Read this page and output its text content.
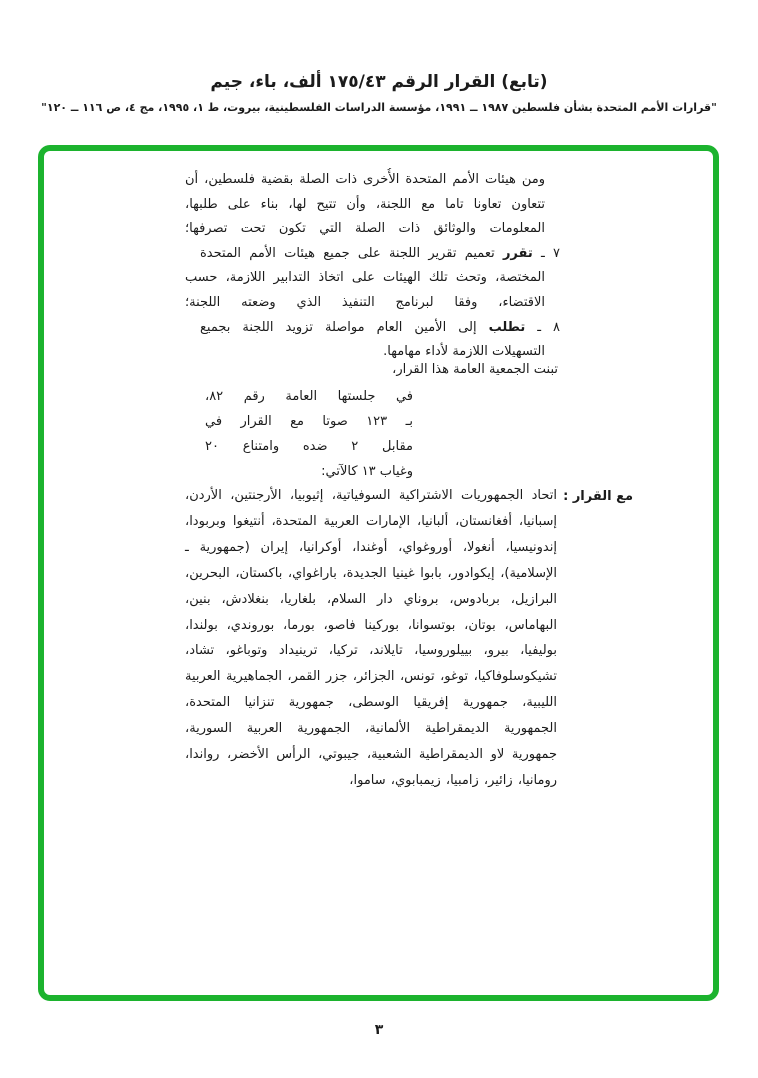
(تابع) القرار الرقم ١٧٥/٤٣ ألف، باء، جيم
"قرارات الأمم المتحدة بشأن فلسطين ١٩٨٧ ــ ١٩٩١، مؤسسة الدراسات الفلسطينية، بيروت، ط ١، ١٩٩٥، مج ٤، ص ١١٦ ــ ١٢٠"
ومن هيئات الأمم المتحدة الأُخرى ذات الصلة بقضية فلسطين، أن
تتعاون تعاونا تاما مع اللجنة، وأن تتيح لها، بناء على طلبها،
المعلومات والوثائق ذات الصلة التي تكون تحت تصرفها؛
٧ ـ تقرر تعميم تقرير اللجنة على جميع هيئات الأمم المتحدة
المختصة، وتحث تلك الهيئات على اتخاذ التدابير اللازمة، حسب
الاقتضاء، وفقا لبرنامج التنفيذ الذي وضعته اللجنة؛
٨ ـ تطلب إلى الأمين العام مواصلة تزويد اللجنة بجميع
التسهيلات اللازمة لأداء مهامها.
تبنت الجمعية العامة هذا القرار،
في جلستها العامة رقم ٨٢،
بـ ١٢٣ صوتا مع القرار في
مقابل ٢ ضده وامتناع ٢٠
وغياب ١٣ كالآتي:
مع القرار :
اتحاد الجمهوريات الاشتراكية السوفياتية، إثيوبيا، الأرجنتين، الأردن، إسبانيا، أفغانستان، ألبانيا، الإمارات العربية المتحدة، أنتيغوا وبربودا، إندونيسيا، أنغولا، أوروغواي، أوغندا، أوكرانيا، إيران (جمهورية ـ الإسلامية)، إيكوادور، بابوا غينيا الجديدة، باراغواي، باكستان، البحرين، البرازيل، بربادوس، بروناي دار السلام، بلغاريا، بنغلادش، بنين، البهاماس، بوتان، بوتسوانا، بوركينا فاصو، بورما، بوروندي، بولندا، بوليفيا، بيرو، بييلوروسيا، تايلاند، تركيا، ترينيداد وتوباغو، تشاد، تشيكوسلوفاكيا، توغو، تونس، الجزائر، جزر القمر، الجماهيرية العربية الليبية، جمهورية إفريقيا الوسطى، جمهورية تنزانيا المتحدة، الجمهورية الديمقراطية الألمانية، الجمهورية العربية السورية، جمهورية لاو الديمقراطية الشعبية، جيبوتي، الرأس الأخضر، رواندا، رومانيا، زائير، زامبيا، زيمبابوي، ساموا،
٣
